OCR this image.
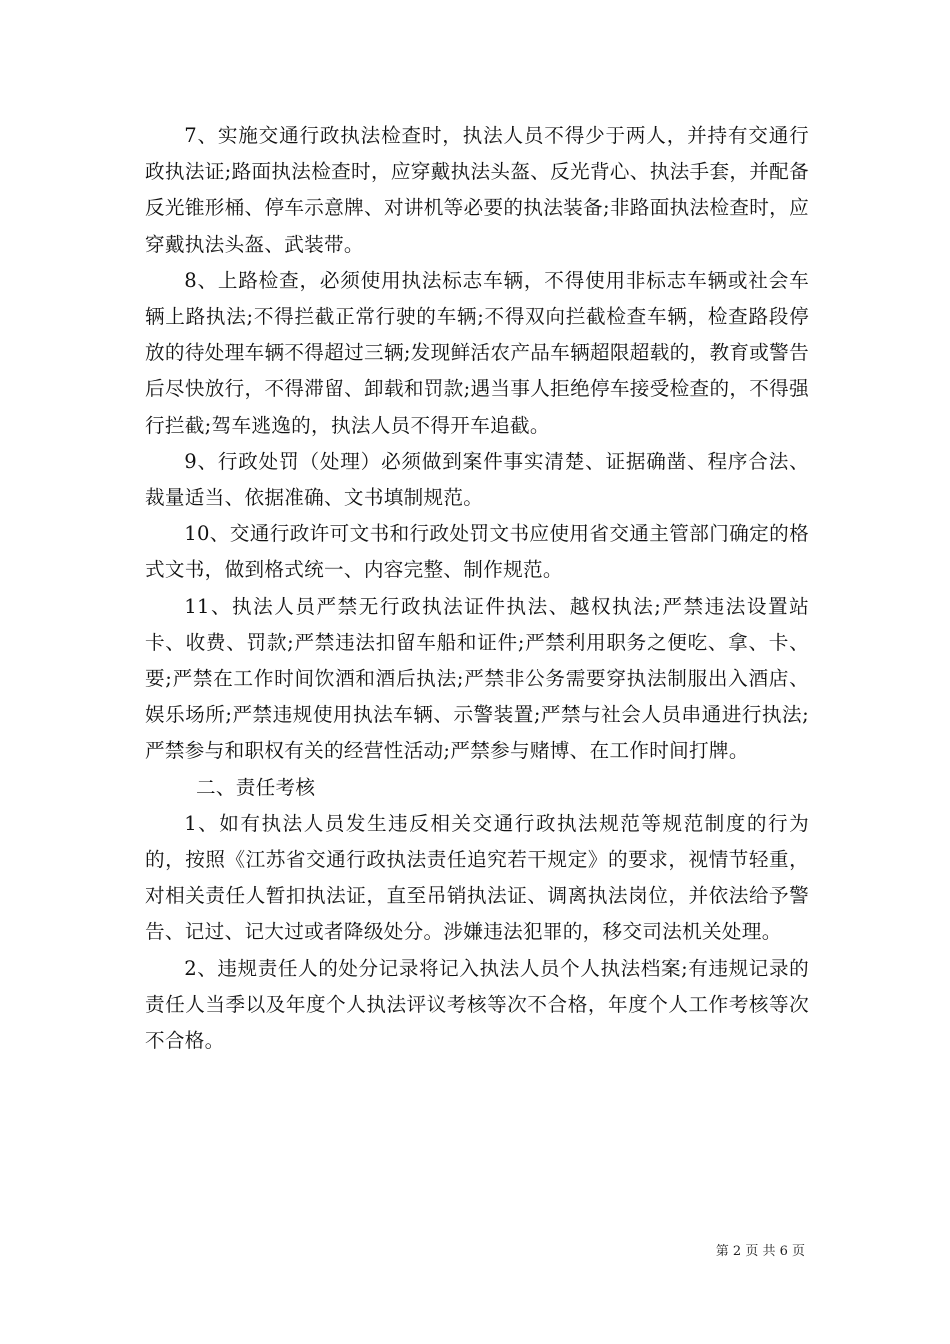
7、实施交通行政执法检查时，执法人员不得少于两人，并持有交通行政执法证;路面执法检查时，应穿戴执法头盔、反光背心、执法手套，并配备反光锥形桶、停车示意牌、对讲机等必要的执法装备;非路面执法检查时，应穿戴执法头盔、武装带。

8、上路检查，必须使用执法标志车辆，不得使用非标志车辆或社会车辆上路执法;不得拦截正常行驶的车辆;不得双向拦截检查车辆，检查路段停放的待处理车辆不得超过三辆;发现鲜活农产品车辆超限超载的，教育或警告后尽快放行，不得滞留、卸载和罚款;遇当事人拒绝停车接受检查的，不得强行拦截;驾车逃逸的，执法人员不得开车追截。

9、行政处罚（处理）必须做到案件事实清楚、证据确凿、程序合法、裁量适当、依据准确、文书填制规范。

10、交通行政许可文书和行政处罚文书应使用省交通主管部门确定的格式文书，做到格式统一、内容完整、制作规范。

11、执法人员严禁无行政执法证件执法、越权执法;严禁违法设置站卡、收费、罚款;严禁违法扣留车船和证件;严禁利用职务之便吃、拿、卡、要;严禁在工作时间饮酒和酒后执法;严禁非公务需要穿执法制服出入酒店、娱乐场所;严禁违规使用执法车辆、示警装置;严禁与社会人员串通进行执法;严禁参与和职权有关的经营性活动;严禁参与赌博、在工作时间打牌。

二、责任考核

1、如有执法人员发生违反相关交通行政执法规范等规范制度的行为的，按照《江苏省交通行政执法责任追究若干规定》的要求，视情节轻重，对相关责任人暂扣执法证，直至吊销执法证、调离执法岗位，并依法给予警告、记过、记大过或者降级处分。涉嫌违法犯罪的，移交司法机关处理。

2、违规责任人的处分记录将记入执法人员个人执法档案;有违规记录的责任人当季以及年度个人执法评议考核等次不合格，年度个人工作考核等次不合格。

第 2 页 共 6 页
